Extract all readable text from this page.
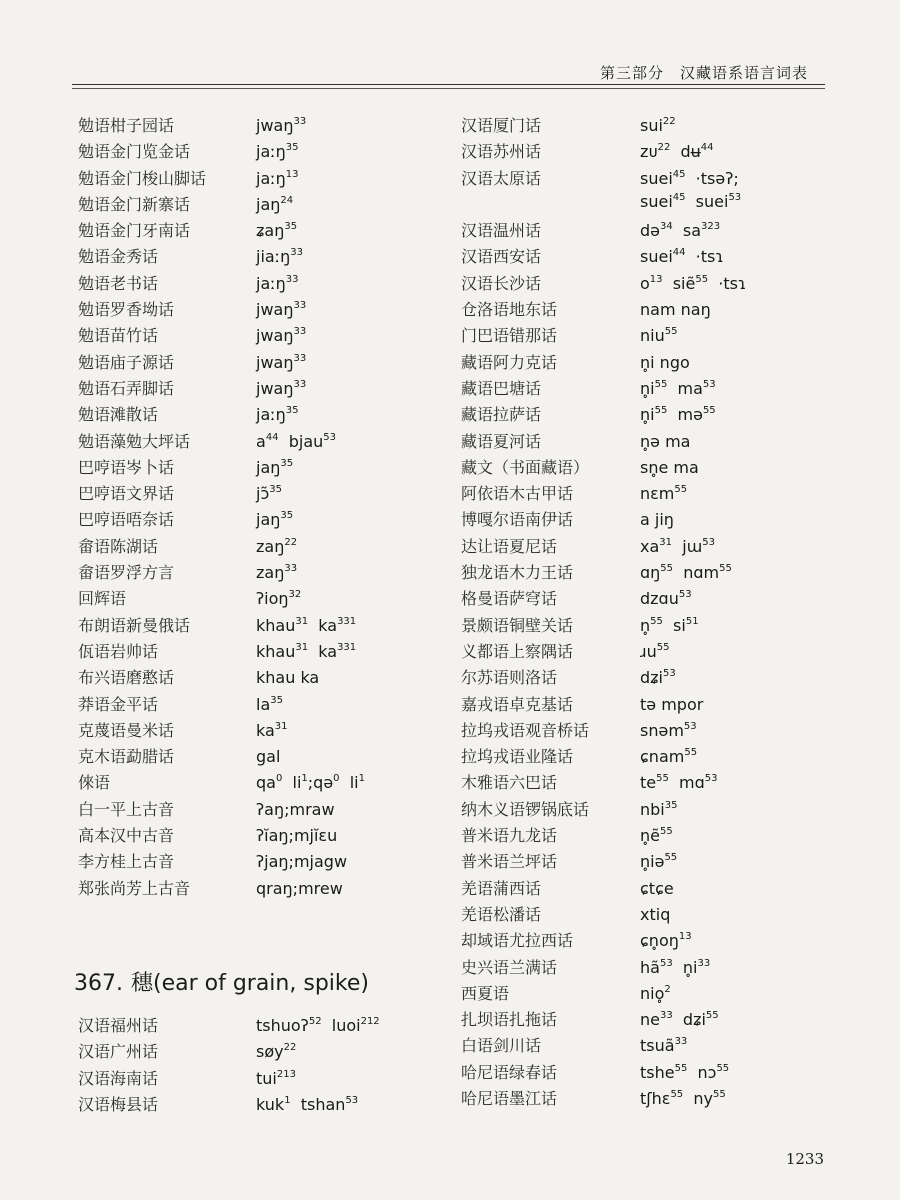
第三部分　汉藏语系语言词表
勉语柑子园话	jwaŋ$^{33}$
勉语金门览金话	jaːŋ$^{35}$
勉语金门梭山脚话	jaːŋ$^{13}$
勉语金门新寨话	jaŋ$^{24}$
勉语金门牙南话	ʑaŋ$^{35}$
勉语金秀话	jiaːŋ$^{33}$
勉语老书话	jaːŋ$^{33}$
勉语罗香坳话	jwaŋ$^{33}$
勉语苗竹话	jwaŋ$^{33}$
勉语庙子源话	jwaŋ$^{33}$
勉语石弄脚话	jwaŋ$^{33}$
勉语滩散话	jaːŋ$^{35}$
勉语藻勉大坪话	$a^{44}$  bjau$^{53}$
巴哼语岑卜话	jaŋ$^{35}$
巴哼语文界话	jɔ̃$^{35}$
巴哼语唔奈话	jaŋ$^{35}$
畲语陈湖话	zaŋ$^{22}$
畲语罗浮方言	zaŋ$^{33}$
回辉语	ʔioŋ$^{32}$
布朗语新曼俄话	khau$^{31}$  $ka^{331}$
佤语岩帅话	khau$^{31}$  $ka^{331}$
布兴语磨憨话	khau ka
莽语金平话	$la^{35}$
克蔑语曼米话	$ka^{31}$
克木语勐腊话	gal
倈语	$qa^0$  $li^1;qə^0$  $li^1$
白一平上古音	ʔaŋ;mraw
高本汉中古音	ʔĭaŋ;mjĭɛu
李方桂上古音	ʔjaŋ;mjagw
郑张尚芳上古音	qraŋ;mrew
367. 穗(ear of grain, spike)
汉语福州话	tshuoʔ$^{52}$  luoi$^{212}$
汉语广州话	søy$^{22}$
汉语海南话	tui$^{213}$
汉语梅县话	kuk$^1$  tshan$^{53}$
汉语厦门话	sui$^{22}$
汉语苏州话	zᴜ$^{22}$  dʉ$^{44}$
汉语太原话	suei$^{45}$  ·tsəʔ;
suei$^{45}$  suei$^{53}$
汉语温州话	də$^{34}$  $sa^{323}$
汉语西安话	suei$^{44}$  ·tsɿ
汉语长沙话	$o^{13}$  siẽ$^{55}$  ·tsɿ
仓洛语地东话	nam naŋ
门巴语错那话	niu$^{55}$
藏语阿力克话	n̥i ngo
藏语巴塘话	$n̥i^{55}$  $ma^{53}$
藏语拉萨话	$n̥i^{55}$  mə$^{55}$
藏语夏河话	n̥ə ma
藏文（书面藏语）	sn̥e ma
阿依语木古甲话	nɛm$^{55}$
博嘎尔语南伊话	a jiŋ
达让语夏尼话	$xa^{31}$  jɯ$^{53}$
独龙语木力王话	ɑŋ$^{55}$  nɑm$^{55}$
格曼语萨穹话	dzɑu$^{53}$
景颇语铜壁关话	n̥$^{55}$  $si^{51}$
义都语上察隅话	ɹu$^{55}$
尔苏语则洛话	dʑi$^{53}$
嘉戎语卓克基话	tə mpor
拉坞戎语观音桥话	snəm$^{53}$
拉坞戎语业隆话	ɕnam$^{55}$
木雅语六巴话	$te^{55}$  mɑ$^{53}$
纳木义语锣锅底话	nbi$^{35}$
普米语九龙话	n̥ẽ$^{55}$
普米语兰坪话	n̥iə$^{55}$
羌语蒲西话	ɕtɕe
羌语松潘话	xtiq
却域语尤拉西话	$ɕn̥oŋ^{13}$
史兴语兰满话	$hã^{53}$  $n̥i^{33}$
西夏语	nio̥$^2$
扎坝语扎拖话	$ne^{33}$  dʑi$^{55}$
白语剑川话	tsuã$^{33}$
哈尼语绿春话	tshe$^{55}$  nɔ$^{55}$
哈尼语墨江话	tʃhɛ$^{55}$  $ny^{55}$
1233
